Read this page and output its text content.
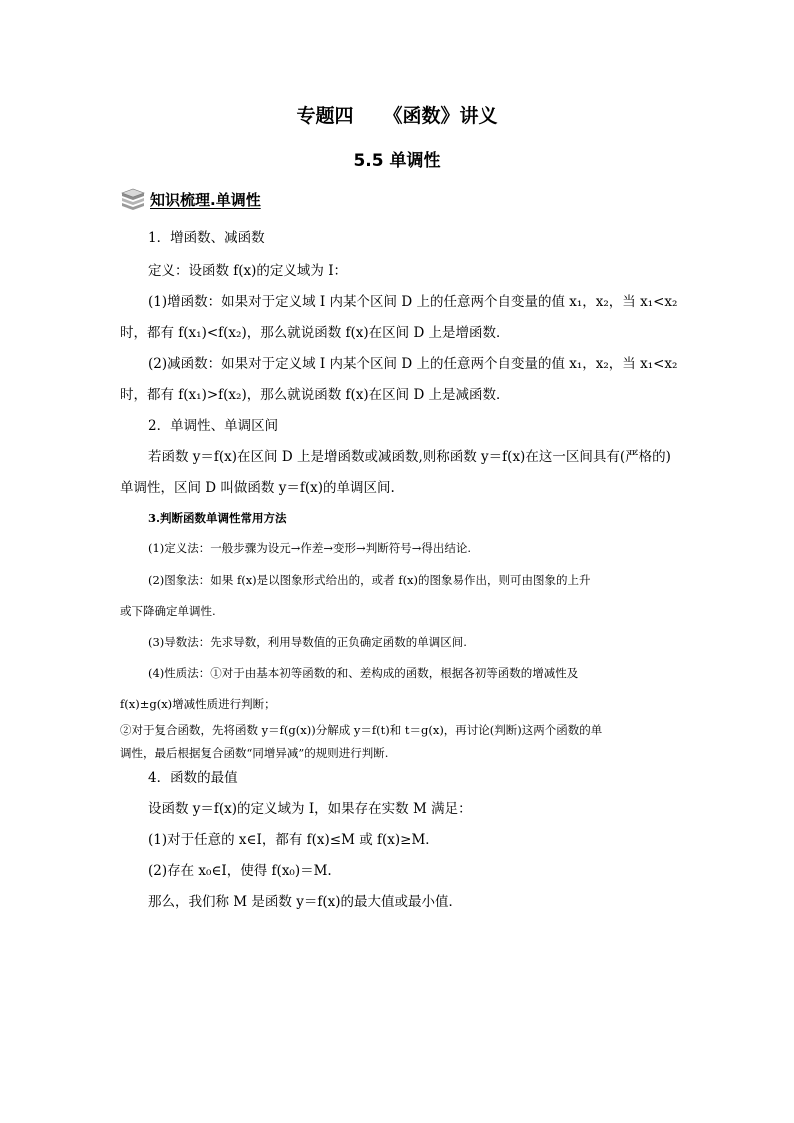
专题四 《函数》讲义
5.5 单调性
知识梳理.单调性
1．增函数、减函数
定义：设函数 f(x)的定义域为 I：
(1)增函数：如果对于定义域 I 内某个区间 D 上的任意两个自变量的值 x₁，x₂，当 x₁<x₂
时，都有 f(x₁)<f(x₂)，那么就说函数 f(x)在区间 D 上是增函数．
(2)减函数：如果对于定义域 I 内某个区间 D 上的任意两个自变量的值 x₁，x₂，当 x₁<x₂
时，都有 f(x₁)>f(x₂)，那么就说函数 f(x)在区间 D 上是减函数．
2．单调性、单调区间
若函数 y＝f(x)在区间 D 上是增函数或减函数,则称函数 y＝f(x)在这一区间具有(严格的)
单调性，区间 D 叫做函数 y＝f(x)的单调区间.
3.判断函数单调性常用方法
(1)定义法：一般步骤为设元→作差→变形→判断符号→得出结论.
(2)图象法：如果 f(x)是以图象形式给出的，或者 f(x)的图象易作出，则可由图象的上升
或下降确定单调性.
(3)导数法：先求导数，利用导数值的正负确定函数的单调区间.
(4)性质法：①对于由基本初等函数的和、差构成的函数，根据各初等函数的增减性及
f(x)±g(x)增减性质进行判断；
②对于复合函数，先将函数 y＝f(g(x))分解成 y＝f(t)和 t＝g(x)，再讨论(判断)这两个函数的单
调性，最后根据复合函数“同增异减”的规则进行判断.
4．函数的最值
设函数 y＝f(x)的定义域为 I，如果存在实数 M 满足：
(1)对于任意的 x∈I，都有 f(x)≤M 或 f(x)≥M．
(2)存在 x₀∈I，使得 f(x₀)＝M.
那么，我们称 M 是函数 y＝f(x)的最大值或最小值．
